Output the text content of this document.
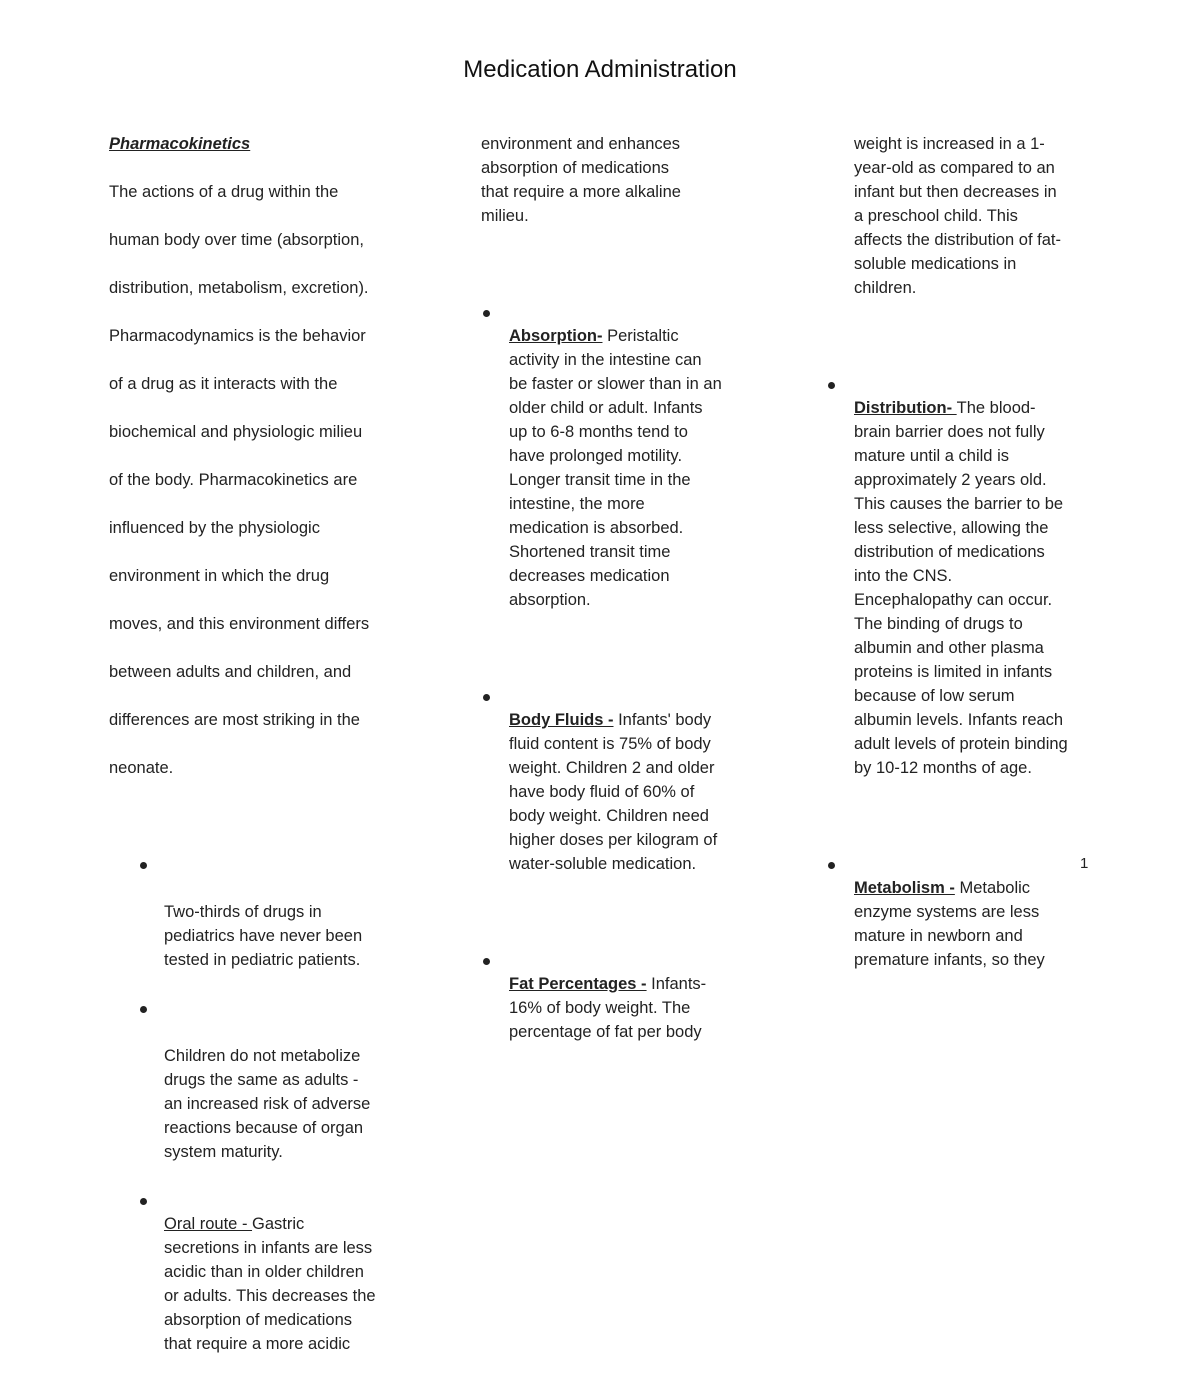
Medication Administration

Pharmacokinetics

The actions of a drug within the

human body over time (absorption,

distribution, metabolism, excretion).

Pharmacodynamics is the behavior

of a drug as it interacts with the

biochemical and physiologic milieu

of the body. Pharmacokinetics are

influenced by the physiologic

environment in which the drug

moves, and this environment differs

between adults and children, and

differences are most striking in the

neonate.

Two-thirds of drugs in
pediatrics have never been
tested in pediatric patients.

Children do not metabolize
drugs the same as adults -
an increased risk of adverse
reactions because of organ
system maturity.

Oral route - Gastric
secretions in infants are less
acidic than in older children
or adults. This decreases the
absorption of medications
that require a more acidic

environment and enhances
absorption of medications
that require a more alkaline
milieu.

Absorption- Peristaltic
activity in the intestine can
be faster or slower than in an
older child or adult. Infants
up to 6-8 months tend to
have prolonged motility.
Longer transit time in the
intestine, the more
medication is absorbed.
Shortened transit time
decreases medication
absorption.

Body Fluids - Infants' body
fluid content is 75% of body
weight. Children 2 and older
have body fluid of 60% of
body weight. Children need
higher doses per kilogram of
water-soluble medication.

Fat Percentages - Infants-
16% of body weight. The
percentage of fat per body

weight is increased in a 1-
year-old as compared to an
infant but then decreases in
a preschool child. This
affects the distribution of fat-
soluble medications in
children.

Distribution- The blood-
brain barrier does not fully
mature until a child is
approximately 2 years old.
This causes the barrier to be
less selective, allowing the
distribution of medications
into the CNS.
Encephalopathy can occur.
The binding of drugs to
albumin and other plasma
proteins is limited in infants
because of low serum
albumin levels. Infants reach
adult levels of protein binding
by 10-12 months of age.

Metabolism - Metabolic
enzyme systems are less
mature in newborn and
premature infants, so they

1
